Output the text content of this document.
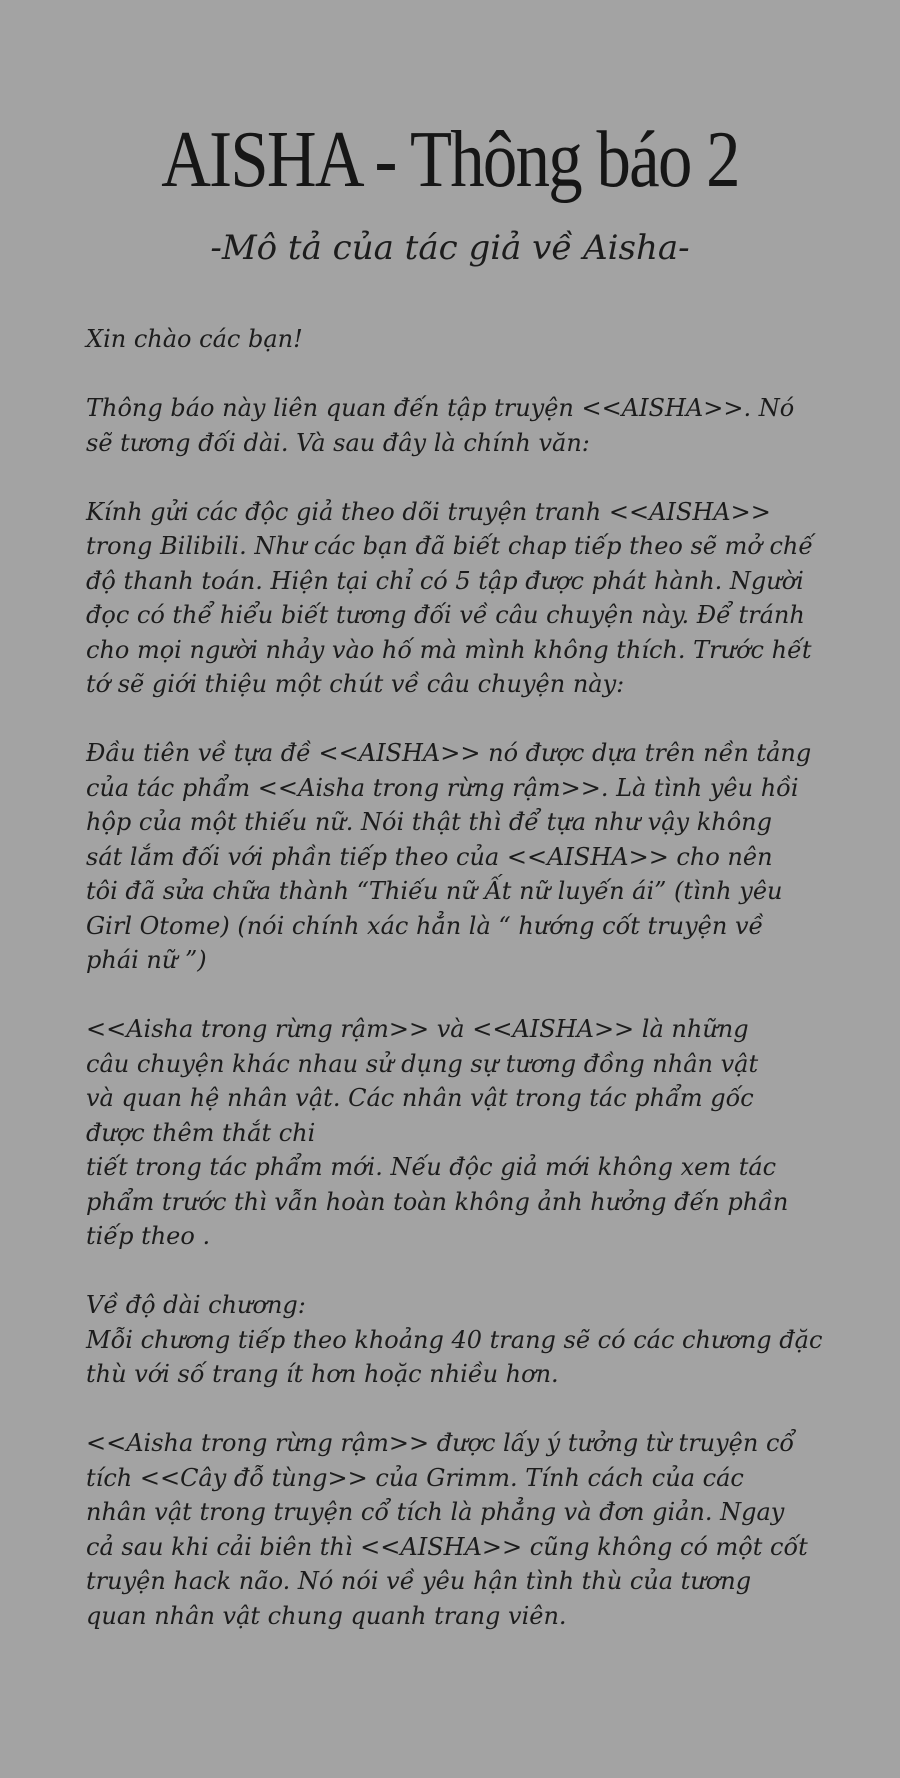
AISHA - Thông báo 2

-Mô tả của tác giả về Aisha-

Xin chào các bạn!

Thông báo này liên quan đến tập truyện <<AISHA>>. Nó
sẽ tương đối dài. Và sau đây là chính văn:

Kính gửi các độc giả theo dõi truyện tranh <<AISHA>>
trong Bilibili. Như các bạn đã biết chap tiếp theo sẽ mở chế
độ thanh toán. Hiện tại chỉ có 5 tập được phát hành. Người
đọc có thể hiểu biết tương đối về câu chuyện này. Để tránh
cho mọi người nhảy vào hố mà mình không thích. Trước hết
tớ sẽ giới thiệu một chút về câu chuyện này:

Đầu tiên về tựa đề <<AISHA>> nó được dựa trên nền tảng
của tác phẩm <<Aisha trong rừng rậm>>. Là tình yêu hồi
hộp của một thiếu nữ. Nói thật thì để tựa như vậy không
sát lắm đối với phần tiếp theo của <<AISHA>> cho nên
tôi đã sửa chữa thành “Thiếu nữ Ất nữ luyến ái” (tình yêu
Girl Otome) (nói chính xác hẳn là “ hướng cốt truyện về
phái nữ ”)

<<Aisha trong rừng rậm>> và <<AISHA>> là những
câu chuyện khác nhau sử dụng sự tương đồng nhân vật
và quan hệ nhân vật. Các nhân vật trong tác phẩm gốc
được thêm thắt chi
tiết trong tác phẩm mới. Nếu độc giả mới không xem tác
phẩm trước thì vẫn hoàn toàn không ảnh hưởng đến phần
tiếp theo .

Về độ dài chương:
Mỗi chương tiếp theo khoảng 40 trang sẽ có các chương đặc
thù với số trang ít hơn hoặc nhiều hơn.

<<Aisha trong rừng rậm>> được lấy ý tưởng từ truyện cổ
tích <<Cây đỗ tùng>> của Grimm. Tính cách của các
nhân vật trong truyện cổ tích là phẳng và đơn giản. Ngay
cả sau khi cải biên thì <<AISHA>> cũng không có một cốt
truyện hack não. Nó nói về yêu hận tình thù của tương
quan nhân vật chung quanh trang viên.
